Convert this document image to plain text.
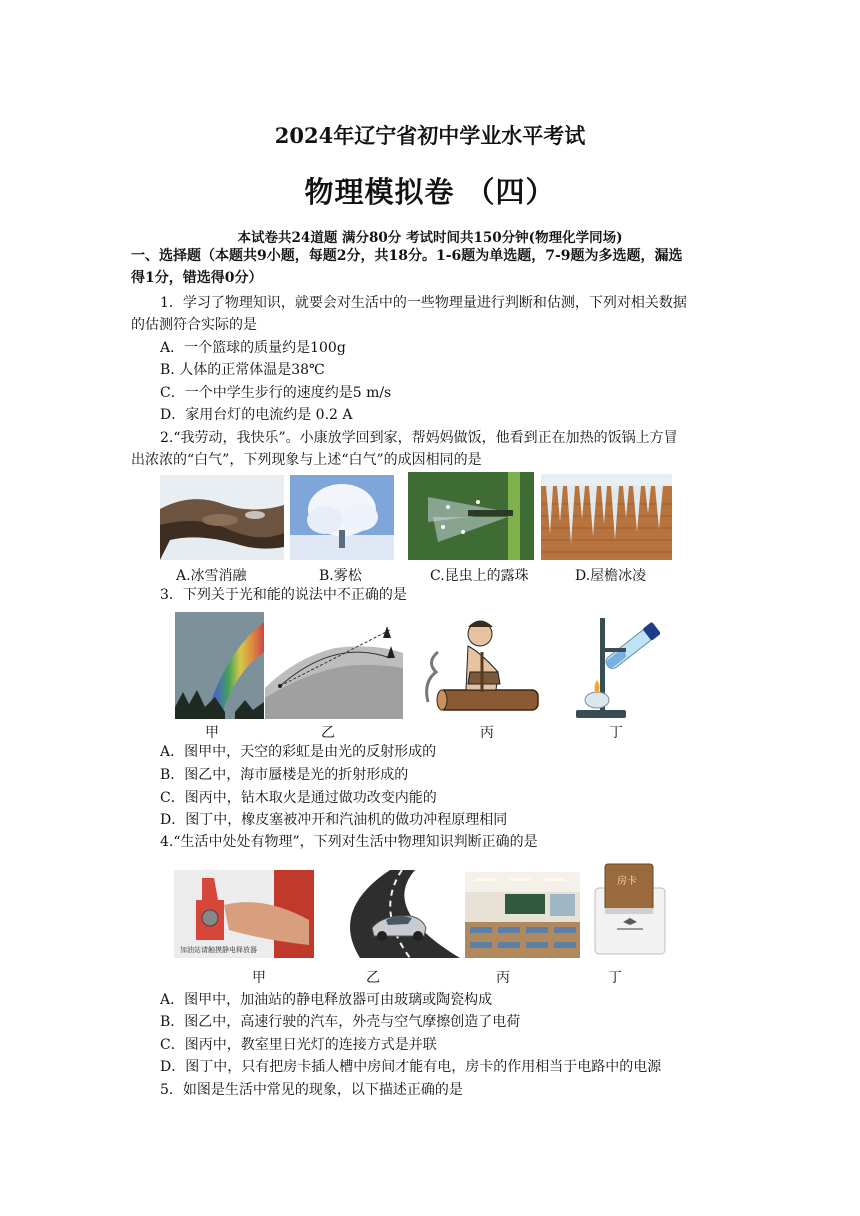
2024年辽宁省初中学业水平考试
物理模拟卷 （四）
本试卷共24道题 满分80分 考试时间共150分钟(物理化学同场)
一、选择题（本题共9小题，每题2分，共18分。1-6题为单选题，7-9题为多选题，漏选
得1分，错选得0分）
1．学习了物理知识，就要会对生活中的一些物理量进行判断和估测，下列对相关数据
的估测符合实际的是
A．一个篮球的质量约是100g
B. 人体的正常体温是38℃
C．一个中学生步行的速度约是5 m/s
D．家用台灯的电流约是 0.2 A
2.“我劳动，我快乐”。小康放学回到家，帮妈妈做饭，他看到正在加热的饭锅上方冒
出浓浓的“白气”，下列现象与上述“白气”的成因相同的是
A.冰雪消融	B.雾松	C.昆虫上的露珠	D.屋檐冰凌
3．下列关于光和能的说法中不正确的是
甲	乙	丙	丁
A．图甲中，天空的彩虹是由光的反射形成的
B．图乙中，海市蜃楼是光的折射形成的
C．图丙中，钻木取火是通过做功改变内能的
D．图丁中，橡皮塞被冲开和汽油机的做功冲程原理相同
4.“生活中处处有物理”，下列对生活中物理知识判断正确的是
加油站请触摸静电释放器
房卡
甲	乙	丙	丁
A．图甲中，加油站的静电释放器可由玻璃或陶瓷构成
B．图乙中，高速行驶的汽车，外壳与空气摩擦创造了电荷
C．图丙中，教室里日光灯的连接方式是并联
D．图丁中，只有把房卡插人槽中房间才能有电，房卡的作用相当于电路中的电源
5．如图是生活中常见的现象，以下描述正确的是
